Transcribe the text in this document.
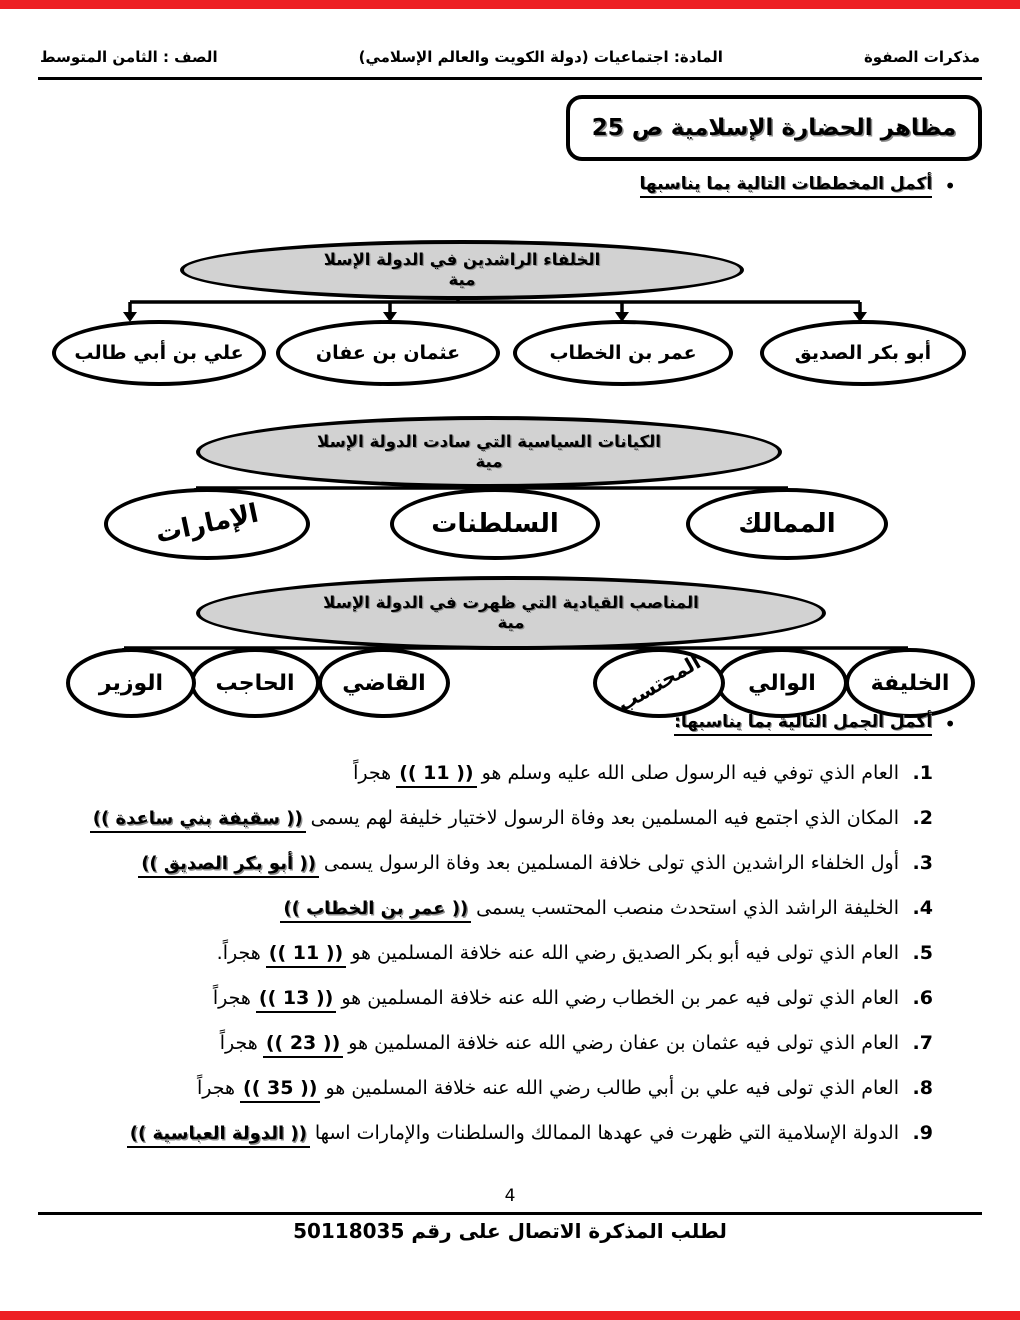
مذكرات الصفوة
المادة: اجتماعيات (دولة الكويت والعالم الإسلامي)
الصف : الثامن المتوسط
مظاهر الحضارة الإسلامية ص 25
•
أكمل المخططات التالية بما يناسبها
الخلفاء الراشدين في الدولة الإسلا
مية
أبو بكر الصديق
عمر بن الخطاب
عثمان بن عفان
علي بن أبي طالب
الكيانات السياسية التي سادت الدولة الإسلا
مية
الممالك
السلطنات
الإمارات
المناصب القيادية التي ظهرت في الدولة الإسلا
مية
الخليفة
الوالي
المحتسب
القاضي
الحاجب
الوزير
•
أكمل الجمل التالية بما يناسبها:
1.
العام الذي توفي فيه الرسول صلى الله عليه وسلم هو(( 11 ))هجراً
2.
المكان الذي اجتمع فيه المسلمين بعد وفاة الرسول لاختيار خليفة لهم يسمى(( سقيفة بني ساعدة ))
3.
أول الخلفاء الراشدين الذي تولى خلافة المسلمين بعد وفاة الرسول يسمى(( أبو بكر الصديق ))
4.
الخليفة الراشد الذي استحدث منصب المحتسب يسمى(( عمر بن الخطاب ))
5.
العام الذي تولى فيه أبو بكر الصديق رضي الله عنه خلافة المسلمين هو(( 11 ))هجراً.
6.
العام الذي تولى فيه عمر بن الخطاب رضي الله عنه خلافة المسلمين هو(( 13 ))هجراً
7.
العام الذي تولى فيه عثمان بن عفان رضي الله عنه خلافة المسلمين هو(( 23 ))هجراً
8.
العام الذي تولى فيه علي بن أبي طالب رضي الله عنه خلافة المسلمين هو(( 35 ))هجراً
9.
الدولة الإسلامية التي ظهرت في عهدها الممالك والسلطنات والإمارات اسها(( الدولة العباسية ))
4
لطلب المذكرة الاتصال على رقم 50118035
